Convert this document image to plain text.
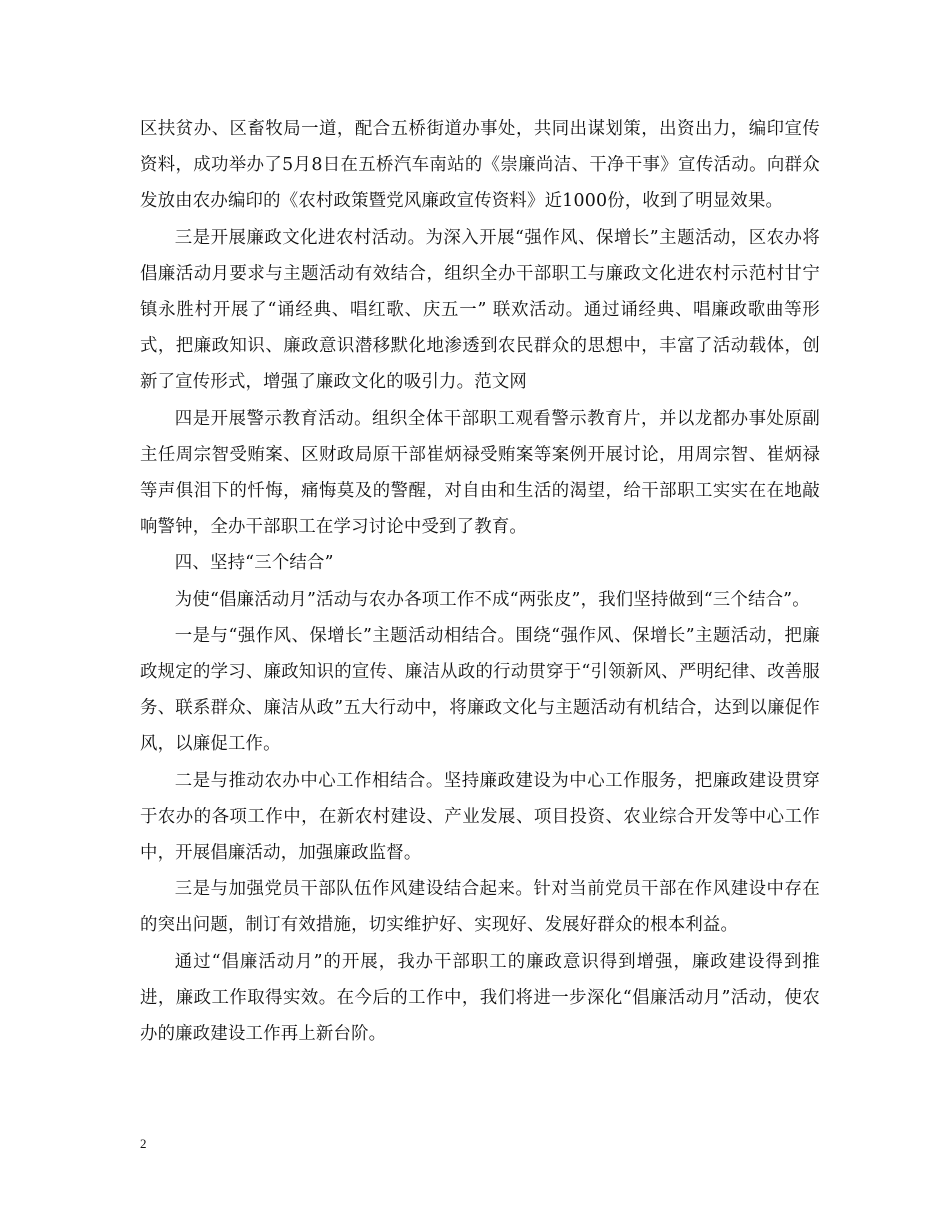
区扶贫办、区畜牧局一道，配合五桥街道办事处，共同出谋划策，出资出力，编印宣传资料，成功举办了5月8日在五桥汽车南站的《崇廉尚洁、干净干事》宣传活动。向群众发放由农办编印的《农村政策暨党风廉政宣传资料》近1000份，收到了明显效果。

三是开展廉政文化进农村活动。为深入开展“强作风、保增长”主题活动，区农办将倡廉活动月要求与主题活动有效结合，组织全办干部职工与廉政文化进农村示范村甘宁镇永胜村开展了“诵经典、唱红歌、庆五一” 联欢活动。通过诵经典、唱廉政歌曲等形式，把廉政知识、廉政意识潜移默化地渗透到农民群众的思想中，丰富了活动载体，创新了宣传形式，增强了廉政文化的吸引力。范文网

四是开展警示教育活动。组织全体干部职工观看警示教育片，并以龙都办事处原副主任周宗智受贿案、区财政局原干部崔炳禄受贿案等案例开展讨论，用周宗智、崔炳禄等声俱泪下的忏悔，痛悔莫及的警醒，对自由和生活的渴望，给干部职工实实在在地敲响警钟，全办干部职工在学习讨论中受到了教育。

四、坚持“三个结合”

为使“倡廉活动月”活动与农办各项工作不成“两张皮”，我们坚持做到“三个结合”。

一是与“强作风、保增长”主题活动相结合。围绕“强作风、保增长”主题活动，把廉政规定的学习、廉政知识的宣传、廉洁从政的行动贯穿于“引领新风、严明纪律、改善服务、联系群众、廉洁从政”五大行动中，将廉政文化与主题活动有机结合，达到以廉促作风，以廉促工作。

二是与推动农办中心工作相结合。坚持廉政建设为中心工作服务，把廉政建设贯穿于农办的各项工作中，在新农村建设、产业发展、项目投资、农业综合开发等中心工作中，开展倡廉活动，加强廉政监督。

三是与加强党员干部队伍作风建设结合起来。针对当前党员干部在作风建设中存在的突出问题，制订有效措施，切实维护好、实现好、发展好群众的根本利益。

通过“倡廉活动月”的开展，我办干部职工的廉政意识得到增强，廉政建设得到推进，廉政工作取得实效。在今后的工作中，我们将进一步深化“倡廉活动月”活动，使农办的廉政建设工作再上新台阶。

2
